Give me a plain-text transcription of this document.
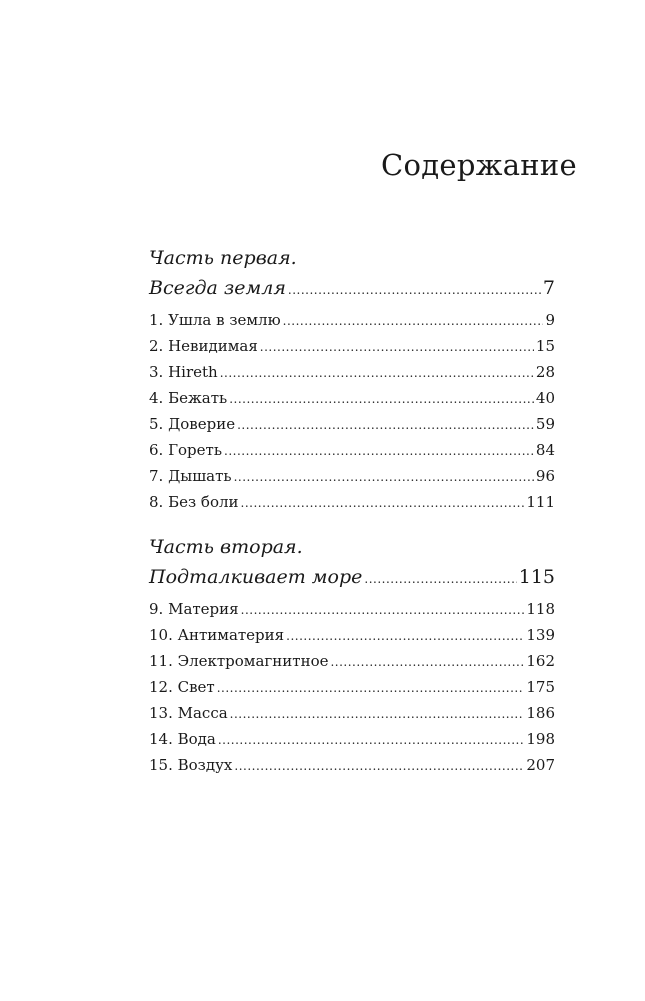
Содержание
Часть первая.
Всегда земля .....	7
1. Ушла в землю .....	9
2. Невидимая .....	15
3. Hireth .....	28
4. Бежать .....	40
5. Доверие .....	59
6. Гореть .....	84
7. Дышать .....	96
8. Без боли .....	111
Часть вторая.
Подталкивает море .....	115
9. Материя .....	118
10. Антиматерия .....	139
11. Электромагнитное .....	162
12. Свет .....	175
13. Масса .....	186
14. Вода .....	198
15. Воздух .....	207
